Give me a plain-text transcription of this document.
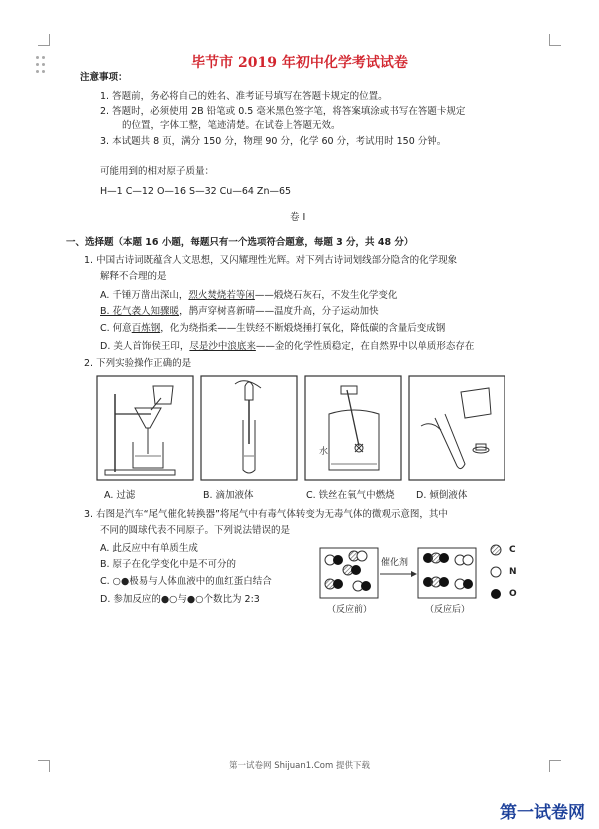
毕节市 2019 年初中化学考试试卷
注意事项：
1. 答题前，务必将自己的姓名、准考证号填写在答题卡规定的位置。
2. 答题时，必须使用 2B 铅笔或 0.5 毫米黑色签字笔，将答案填涂或书写在答题卡规定
的位置，字体工整，笔迹清楚。在试卷上答题无效。
3. 本试题共 8 页，满分 150 分，物理 90 分，化学 60 分，考试用时 150 分钟。
可能用到的相对原子质量：
H—1 C—12 O—16 S—32 Cu—64 Zn—65
卷 I
一、选择题（本题 16 小题，每题只有一个选项符合题意，每题 3 分，共 48 分）
1. 中国古诗词既蕴含人文思想，又闪耀理性光辉。对下列古诗词划线部分隐含的化学现象
解释不合理的是
A. 千锤万凿出深山，烈火焚烧若等闲——煅烧石灰石，不发生化学变化
B. 花气袭人知骤暖，鹊声穿树喜新晴——温度升高，分子运动加快
C. 何意百炼钢，化为绕指柔——生铁经不断煅烧捶打氧化，降低碳的含量后变成钢
D. 美人首饰侯王印，尽是沙中浪底来——金的化学性质稳定，在自然界中以单质形态存在
2. 下列实验操作正确的是
水
A. 过滤	B. 滴加液体	C. 铁丝在氧气中燃烧 D. 倾倒液体
3. 右图是汽车“尾气催化转换器”将尾气中有毒气体转变为无毒气体的微观示意图，其中
不同的圆球代表不同原子。下列说法错误的是
A. 此反应中有单质生成
B. 原子在化学变化中是不可分的
C. ○●极易与人体血液中的血红蛋白结合
D. 参加反应的●○与●○个数比为 2:3
催化剂
（反应前）	（反应后）
C
N
O
第一试卷网 Shijuan1.Com 提供下载
第一试卷网
